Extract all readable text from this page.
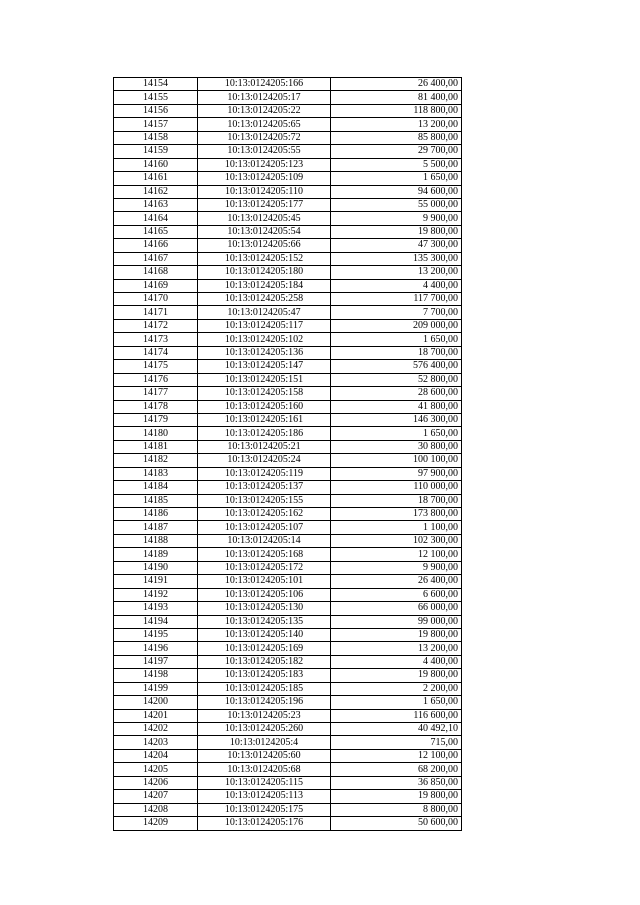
14154	10:13:0124205:166	26 400,00
14155	10:13:0124205:17	81 400,00
14156	10:13:0124205:22	118 800,00
14157	10:13:0124205:65	13 200,00
14158	10:13:0124205:72	85 800,00
14159	10:13:0124205:55	29 700,00
14160	10:13:0124205:123	5 500,00
14161	10:13:0124205:109	1 650,00
14162	10:13:0124205:110	94 600,00
14163	10:13:0124205:177	55 000,00
14164	10:13:0124205:45	9 900,00
14165	10:13:0124205:54	19 800,00
14166	10:13:0124205:66	47 300,00
14167	10:13:0124205:152	135 300,00
14168	10:13:0124205:180	13 200,00
14169	10:13:0124205:184	4 400,00
14170	10:13:0124205:258	117 700,00
14171	10:13:0124205:47	7 700,00
14172	10:13:0124205:117	209 000,00
14173	10:13:0124205:102	1 650,00
14174	10:13:0124205:136	18 700,00
14175	10:13:0124205:147	576 400,00
14176	10:13:0124205:151	52 800,00
14177	10:13:0124205:158	28 600,00
14178	10:13:0124205:160	41 800,00
14179	10:13:0124205:161	146 300,00
14180	10:13:0124205:186	1 650,00
14181	10:13:0124205:21	30 800,00
14182	10:13:0124205:24	100 100,00
14183	10:13:0124205:119	97 900,00
14184	10:13:0124205:137	110 000,00
14185	10:13:0124205:155	18 700,00
14186	10:13:0124205:162	173 800,00
14187	10:13:0124205:107	1 100,00
14188	10:13:0124205:14	102 300,00
14189	10:13:0124205:168	12 100,00
14190	10:13:0124205:172	9 900,00
14191	10:13:0124205:101	26 400,00
14192	10:13:0124205:106	6 600,00
14193	10:13:0124205:130	66 000,00
14194	10:13:0124205:135	99 000,00
14195	10:13:0124205:140	19 800,00
14196	10:13:0124205:169	13 200,00
14197	10:13:0124205:182	4 400,00
14198	10:13:0124205:183	19 800,00
14199	10:13:0124205:185	2 200,00
14200	10:13:0124205:196	1 650,00
14201	10:13:0124205:23	116 600,00
14202	10:13:0124205:260	40 492,10
14203	10:13:0124205:4	715,00
14204	10:13:0124205:60	12 100,00
14205	10:13:0124205:68	68 200,00
14206	10:13:0124205:115	36 850,00
14207	10:13:0124205:113	19 800,00
14208	10:13:0124205:175	8 800,00
14209	10:13:0124205:176	50 600,00
